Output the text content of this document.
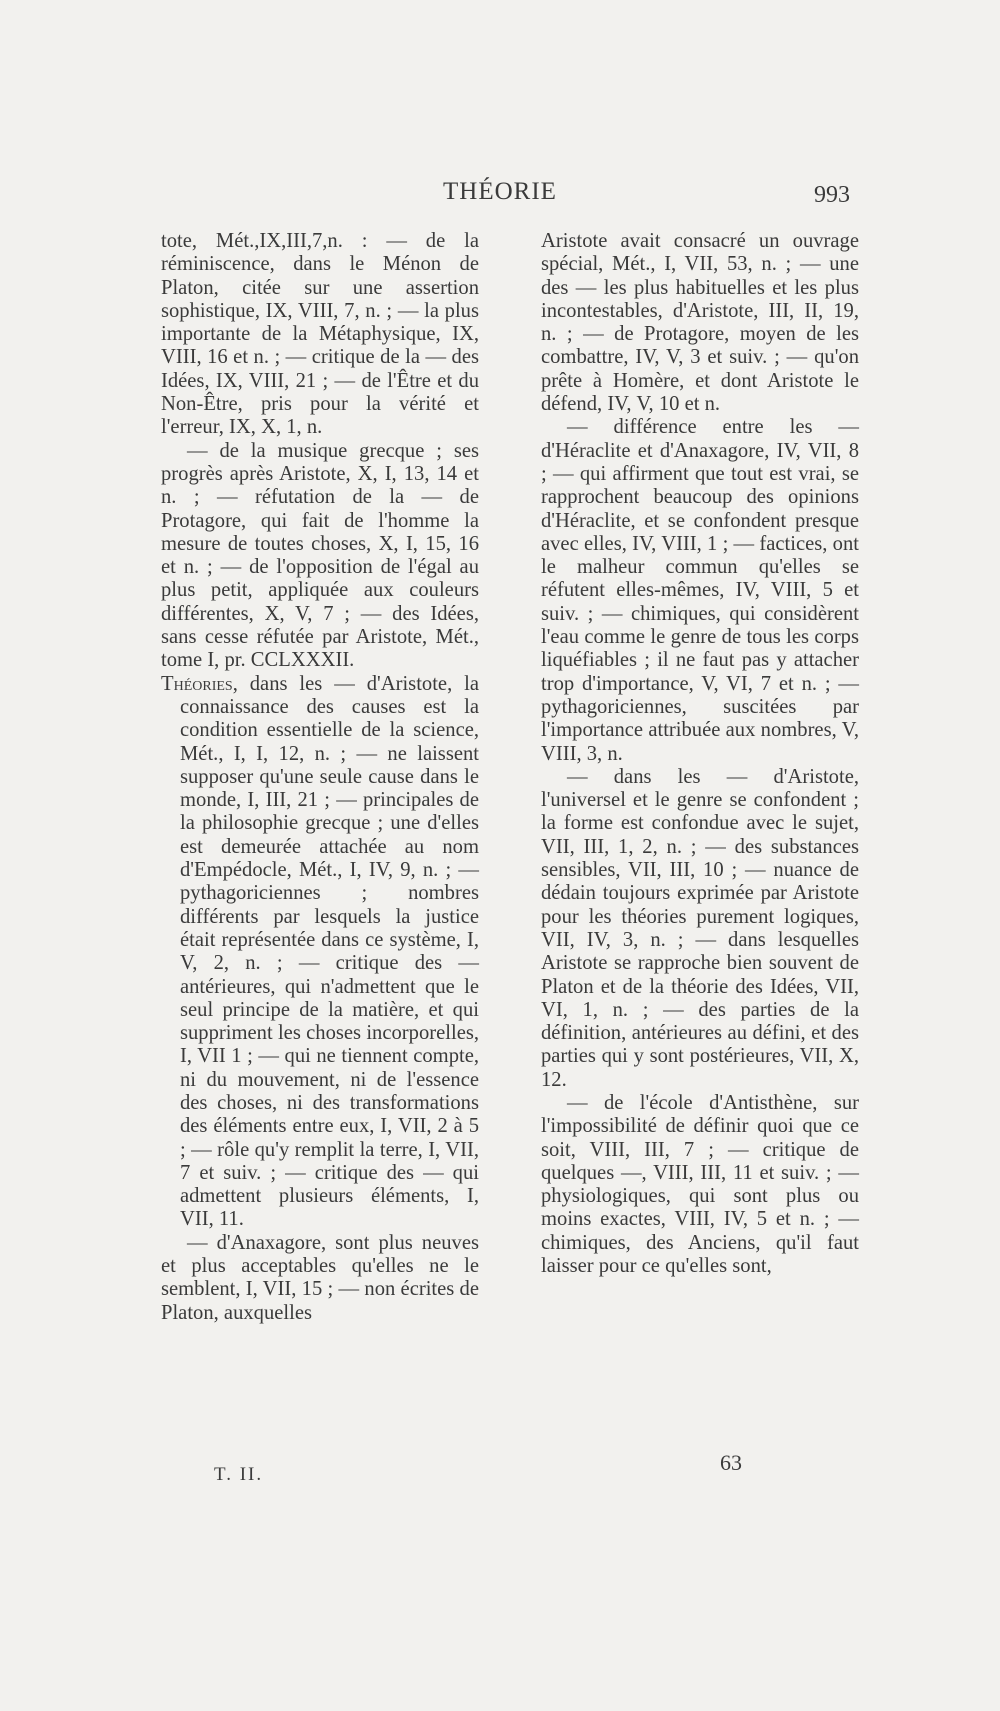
THÉORIE	993

tote, Mét.,IX,III,7,n. : — de la réminiscence, dans le Ménon de Platon, citée sur une assertion sophistique, IX, VIII, 7, n. ; — la plus importante de la Métaphysique, IX, VIII, 16 et n. ; — critique de la — des Idées, IX, VIII, 21 ; — de l'Être et du Non-Être, pris pour la vérité et l'erreur, IX, X, 1, n.

— de la musique grecque ; ses progrès après Aristote, X, I, 13, 14 et n. ; — réfutation de la — de Protagore, qui fait de l'homme la mesure de toutes choses, X, I, 15, 16 et n. ; — de l'opposition de l'égal au plus petit, appliquée aux couleurs différentes, X, V, 7 ; — des Idées, sans cesse réfutée par Aristote, Mét., tome I, pr. CCLXXXII.

Théories, dans les — d'Aristote, la connaissance des causes est la condition essentielle de la science, Mét., I, I, 12, n. ; — ne laissent supposer qu'une seule cause dans le monde, I, III, 21 ; — principales de la philosophie grecque ; une d'elles est demeurée attachée au nom d'Empédocle, Mét., I, IV, 9, n. ; — pythagoriciennes ; nombres différents par lesquels la justice était représentée dans ce système, I, V, 2, n. ; — critique des — antérieures, qui n'admettent que le seul principe de la matière, et qui suppriment les choses incorporelles, I, VII 1 ; — qui ne tiennent compte, ni du mouvement, ni de l'essence des choses, ni des transformations des éléments entre eux, I, VII, 2 à 5 ; — rôle qu'y remplit la terre, I, VII, 7 et suiv. ; — critique des — qui admettent plusieurs éléments, I, VII, 11.

— d'Anaxagore, sont plus neuves et plus acceptables qu'elles ne le semblent, I, VII, 15 ; — non écrites de Platon, auxquelles

Aristote avait consacré un ouvrage spécial, Mét., I, VII, 53, n. ; — une des — les plus habituelles et les plus incontestables, d'Aristote, III, II, 19, n. ; — de Protagore, moyen de les combattre, IV, V, 3 et suiv. ; — qu'on prête à Homère, et dont Aristote le défend, IV, V, 10 et n.

— différence entre les — d'Héraclite et d'Anaxagore, IV, VII, 8 ; — qui affirment que tout est vrai, se rapprochent beaucoup des opinions d'Héraclite, et se confondent presque avec elles, IV, VIII, 1 ; — factices, ont le malheur commun qu'elles se réfutent elles-mêmes, IV, VIII, 5 et suiv. ; — chimiques, qui considèrent l'eau comme le genre de tous les corps liquéfiables ; il ne faut pas y attacher trop d'importance, V, VI, 7 et n. ; — pythagoriciennes, suscitées par l'importance attribuée aux nombres, V, VIII, 3, n.

— dans les — d'Aristote, l'universel et le genre se confondent ; la forme est confondue avec le sujet, VII, III, 1, 2, n. ; — des substances sensibles, VII, III, 10 ; — nuance de dédain toujours exprimée par Aristote pour les théories purement logiques, VII, IV, 3, n. ; — dans lesquelles Aristote se rapproche bien souvent de Platon et de la théorie des Idées, VII, VI, 1, n. ; — des parties de la définition, antérieures au défini, et des parties qui y sont postérieures, VII, X, 12.

— de l'école d'Antisthène, sur l'impossibilité de définir quoi que ce soit, VIII, III, 7 ; — critique de quelques —, VIII, III, 11 et suiv. ; — physiologiques, qui sont plus ou moins exactes, VIII, IV, 5 et n. ; — chimiques, des Anciens, qu'il faut laisser pour ce qu'elles sont,

T. II.	63
